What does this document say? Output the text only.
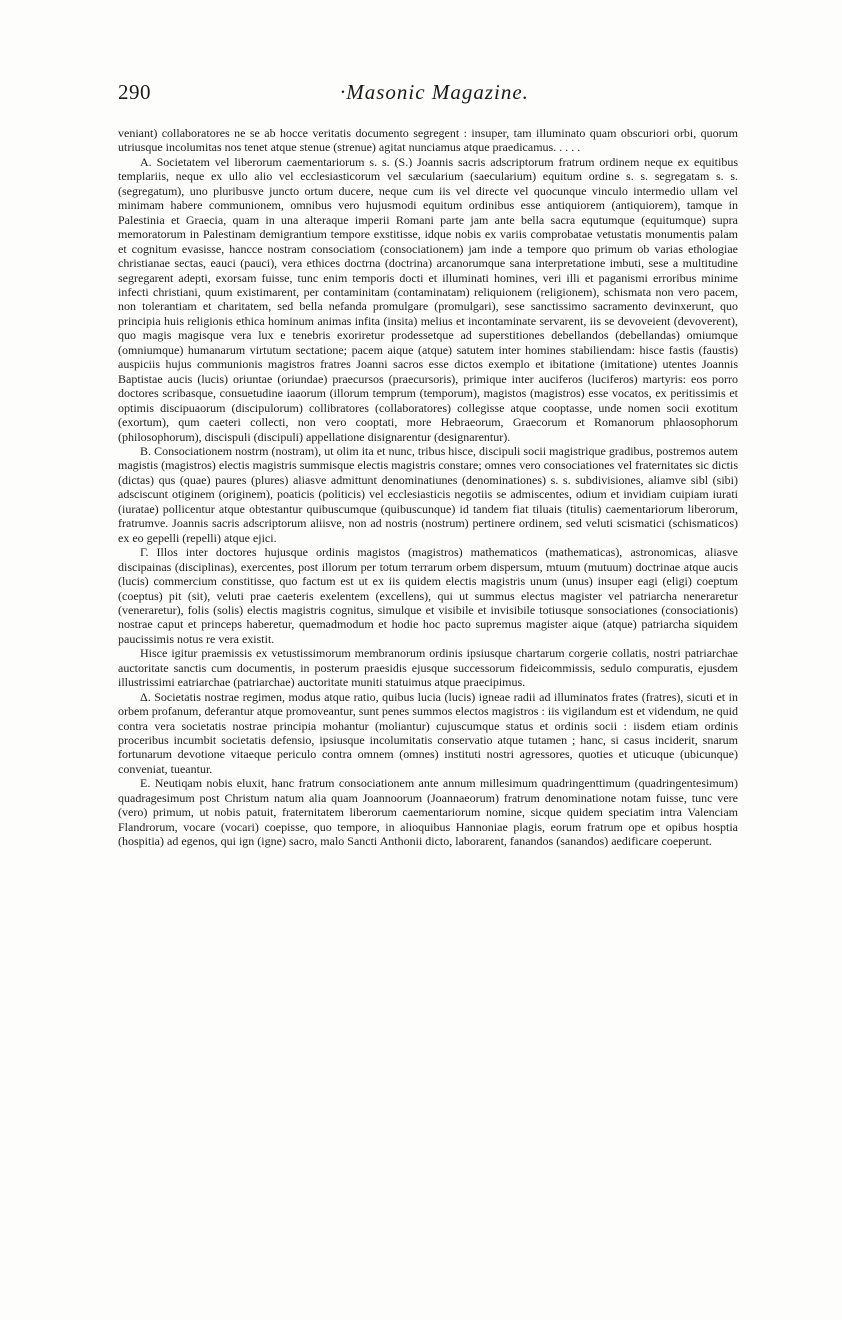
290	·Masonic Magazine.

veniant) collaboratores ne se ab hocce veritatis documento segregent : insuper, tam illuminato quam obscuriori orbi, quorum utriusque incolumitas nos tenet atque stenue (strenue) agitat nunciamus atque praedicamus. . . . .

A. Societatem vel liberorum caementariorum s. s. (S.) Joannis sacris adscriptorum fratrum ordinem neque ex equitibus templariis, neque ex ullo alio vel ecclesiasticorum vel sæcularium (saecularium) equitum ordine s. s. segregatam s. s. (segregatum), uno pluribusve juncto ortum ducere, neque cum iis vel directe vel quocunque vinculo intermedio ullam vel minimam habere communionem, omnibus vero hujusmodi equitum ordinibus esse antiquiorem (antiquiorem), tamque in Palestinia et Graecia, quam in una alteraque imperii Romani parte jam ante bella sacra equtumque (equitumque) supra memoratorum in Palestinam demigrantium tempore exstitisse, idque nobis ex variis comprobatae vetustatis monumentis palam et cognitum evasisse, hancce nostram consociatiom (consociationem) jam inde a tempore quo primum ob varias ethologiae christianae sectas, eauci (pauci), vera ethices doctrna (doctrina) arcanorumque sana interpretatione imbuti, sese a multitudine segregarent adepti, exorsam fuisse, tunc enim temporis docti et illuminati homines, veri illi et paganismi erroribus minime infecti christiani, quum existimarent, per contaminitam (contaminatam) reliquionem (religionem), schismata non vero pacem, non tolerantiam et charitatem, sed bella nefanda promulgare (promulgari), sese sanctissimo sacramento devinxerunt, quo principia huis religionis ethica hominum animas infita (insita) melius et incontaminate servarent, iis se devoveient (devoverent), quo magis magisque vera lux e tenebris exoriretur prodessetque ad superstitiones debellandos (debellandas) omiumque (omniumque) humanarum virtutum sectatione; pacem aique (atque) satutem inter homines stabiliendam: hisce fastis (faustis) auspiciis hujus communionis magistros fratres Joanni sacros esse dictos exemplo et ibitatione (imitatione) utentes Joannis Baptistae aucis (lucis) oriuntae (oriundae) praecursos (praecursoris), primique inter auciferos (luciferos) martyris: eos porro doctores scribasque, consuetudine iaaorum (illorum temprum (temporum), magistos (magistros) esse vocatos, ex peritissimis et optimis discipuaorum (discipulorum) collibratores (collaboratores) collegisse atque cooptasse, unde nomen socii exotitum (exortum), qum caeteri collecti, non vero cooptati, more Hebraeorum, Graecorum et Romanorum phlaosophorum (philosophorum), discispuli (discipuli) appellatione disignarentur (designarentur).

B. Consociationem nostrm (nostram), ut olim ita et nunc, tribus hisce, discipuli socii magistrique gradibus, postremos autem magistis (magistros) electis magistris summisque electis magistris constare; omnes vero consociationes vel fraternitates sic dictis (dictas) qus (quae) paures (plures) aliasve admittunt denominatiunes (denominationes) s. s. subdivisiones, aliamve sibl (sibi) adsciscunt otiginem (originem), poaticis (politicis) vel ecclesiasticis negotiis se admiscentes, odium et invidiam cuipiam iurati (iuratae) pollicentur atque obtestantur quibuscumque (quibuscunque) id tandem fiat tiluais (titulis) caementariorum liberorum, fratrumve. Joannis sacris adscriptorum aliisve, non ad nostris (nostrum) pertinere ordinem, sed veluti scismatici (schismaticos) ex eo gepelli (repelli) atque ejici.

Γ. Illos inter doctores hujusque ordinis magistos (magistros) mathematicos (mathematicas), astronomicas, aliasve discipainas (disciplinas), exercentes, post illorum per totum terrarum orbem dispersum, mtuum (mutuum) doctrinae atque aucis (lucis) commercium constitisse, quo factum est ut ex iis quidem electis magistris unum (unus) insuper eagi (eligi) coeptum (coeptus) pit (sit), veluti prae caeteris exelentem (excellens), qui ut summus electus magister vel patriarcha neneraretur (veneraretur), folis (solis) electis magistris cognitus, simulque et visibile et invisibile totiusque sonsociationes (consociationis) nostrae caput et princeps haberetur, quemadmodum et hodie hoc pacto supremus magister aique (atque) patriarcha siquidem paucissimis notus re vera existit.

Hisce igitur praemissis ex vetustissimorum membranorum ordinis ipsiusque chartarum corgerie collatis, nostri patriarchae auctoritate sanctis cum documentis, in posterum praesidis ejusque successorum fideicommissis, sedulo compuratis, ejusdem illustrissimi eatriarchae (patriarchae) auctoritate muniti statuimus atque praecipimus.

Δ. Societatis nostrae regimen, modus atque ratio, quibus lucia (lucis) igneae radii ad illuminatos frates (fratres), sicuti et in orbem profanum, deferantur atque promoveantur, sunt penes summos electos magistros : iis vigilandum est et videndum, ne quid contra vera societatis nostrae principia mohantur (moliantur) cujuscumque status et ordinis socii : iisdem etiam ordinis proceribus incumbit societatis defensio, ipsiusque incolumitatis conservatio atque tutamen ; hanc, si casus inciderit, snarum fortunarum devotione vitaeque periculo contra omnem (omnes) instituti nostri agressores, quoties et uticuque (ubicunque) conveniat, tueantur.

E. Neutiqam nobis eluxit, hanc fratrum consociationem ante annum millesimum quadringenttimum (quadringentesimum) quadragesimum post Christum natum alia quam Joannoorum (Joannaeorum) fratrum denominatione notam fuisse, tunc vere (vero) primum, ut nobis patuit, fraternitatem liberorum caementariorum nomine, sicque quidem speciatim intra Valenciam Flandrorum, vocare (vocari) coepisse, quo tempore, in alioquibus Hannoniae plagis, eorum fratrum ope et opibus hosptia (hospitia) ad egenos, qui ign (igne) sacro, malo Sancti Anthonii dicto, laborarent, fanandos (sanandos) aedificare coeperunt.
